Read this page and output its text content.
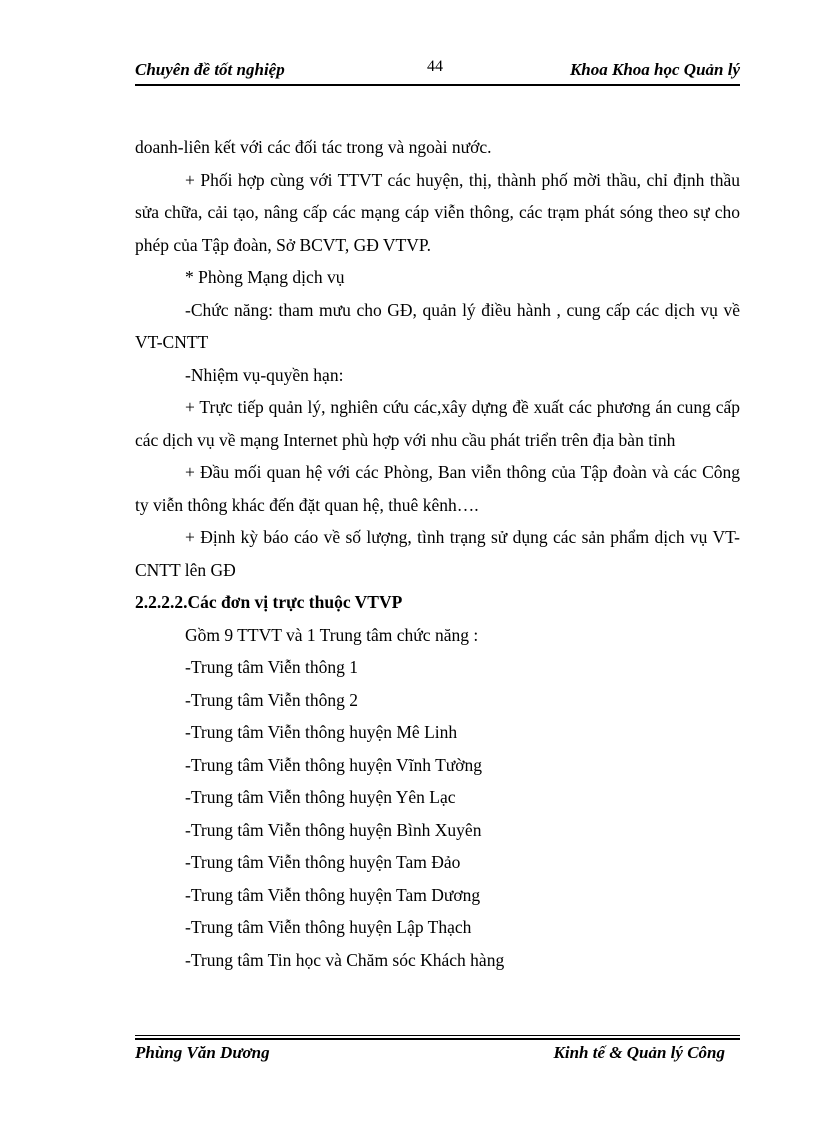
Chuyên đề tốt nghiệp	44	Khoa Khoa học Quản lý

doanh-liên kết với các đối tác trong và ngoài nước.

+ Phối hợp cùng với TTVT các huyện, thị, thành phố mời thầu, chỉ định thầu sửa chữa, cải tạo, nâng cấp các mạng cáp viễn thông, các trạm phát sóng theo sự cho phép của Tập đoàn, Sở BCVT, GĐ VTVP.

* Phòng Mạng dịch vụ

-Chức năng: tham mưu cho GĐ, quản lý điều hành , cung cấp các dịch vụ về VT-CNTT

-Nhiệm vụ-quyền hạn:

+ Trực tiếp quản lý, nghiên cứu các,xây dựng đề xuất các phương án cung cấp các dịch vụ về mạng Internet phù hợp với nhu cầu phát triển trên địa bàn tỉnh

+ Đầu mối quan hệ với các Phòng, Ban viễn thông của Tập đoàn và các Công ty viễn thông khác đến đặt quan hệ, thuê kênh….

+ Định kỳ báo cáo về số lượng, tình trạng sử dụng các sản phẩm dịch vụ VT-CNTT lên GĐ

2.2.2.2.Các đơn vị trực thuộc VTVP

Gồm 9 TTVT và 1 Trung tâm chức năng :

-Trung tâm Viễn thông 1

-Trung tâm Viễn thông 2

-Trung tâm Viễn thông huyện Mê Linh

-Trung tâm Viễn thông huyện Vĩnh Tường

-Trung tâm Viễn thông huyện Yên Lạc

-Trung tâm Viễn thông huyện Bình Xuyên

-Trung tâm Viễn thông huyện Tam Đảo

-Trung tâm Viễn thông huyện Tam Dương

-Trung tâm Viễn thông huyện Lập Thạch

-Trung tâm Tin học và Chăm sóc Khách hàng

Phùng Văn Dương	Kinh tế & Quản lý Công
